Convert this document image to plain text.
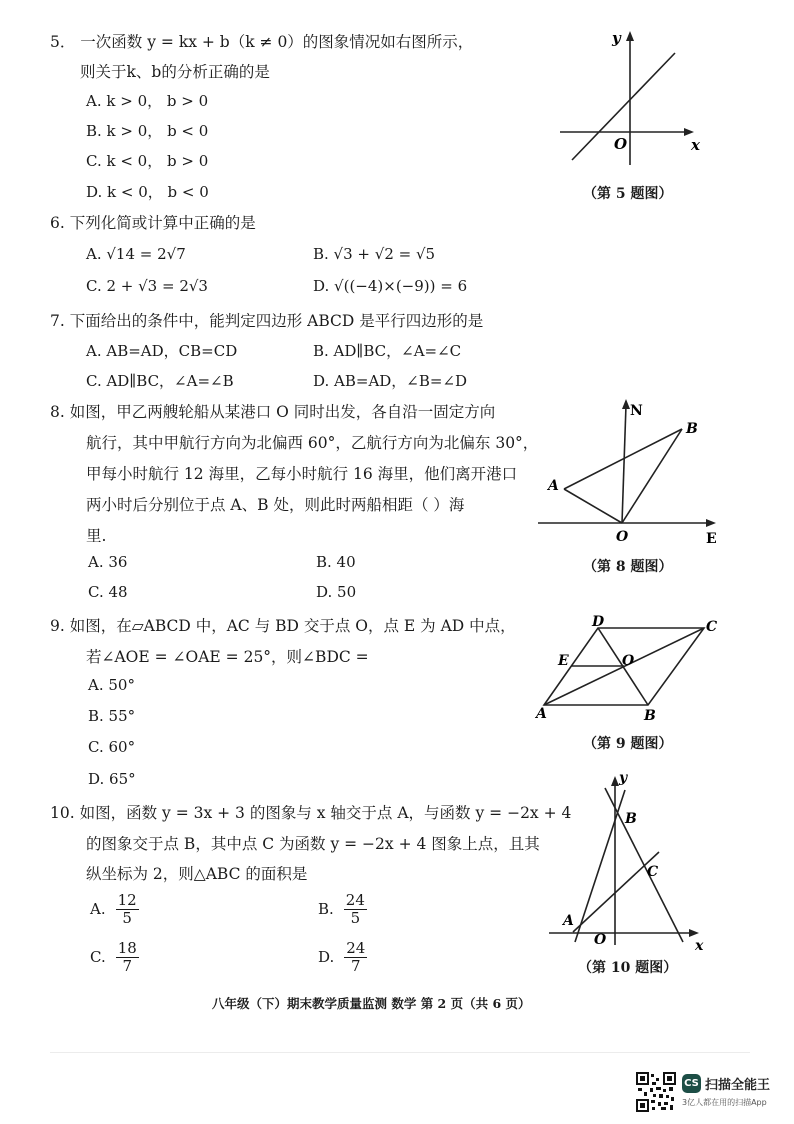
5． 一次函数 y = kx + b（k ≠ 0）的图象情况如右图所示，
则关于k、b的分析正确的是
A. k > 0， b > 0
B. k > 0， b < 0
C. k < 0， b > 0
D. k < 0， b < 0
y
O	x
（第 5 题图）
6. 下列化简或计算中正确的是
A. √14 = 2√7	B. √3 + √2 = √5
C. 2 + √3 = 2√3	D. √((−4)×(−9)) = 6
7. 下面给出的条件中，能判定四边形 ABCD 是平行四边形的是
A. AB=AD，CB=CD	B. AD∥BC，∠A=∠C
C. AD∥BC，∠A=∠B	D. AB=AD，∠B=∠D
8. 如图，甲乙两艘轮船从某港口 O 同时出发，各自沿一固定方向
航行，其中甲航行方向为北偏西 60°，乙航行方向为北偏东 30°，
甲每小时航行 12 海里，乙每小时航行 16 海里，他们离开港口
两小时后分别位于点 A、B 处，则此时两船相距（ ）海
里.
A. 36	B. 40
C. 48	D. 50
N
B
A
O	E
（第 8 题图）
9. 如图，在▱ABCD 中，AC 与 BD 交于点 O，点 E 为 AD 中点，
若∠AOE = ∠OAE = 25°，则∠BDC =
A. 50°
B. 55°
C. 60°
D. 65°
D	C
E	O
A	B
（第 9 题图）
10. 如图，函数 y = 3x + 3 的图象与 x 轴交于点 A，与函数 y = −2x + 4
的图象交于点 B，其中点 C 为函数 y = −2x + 4 图象上点，且其
纵坐标为 2，则△ABC 的面积是
A. $\frac{12}{5}$	B. $\frac{24}{5}$
C. $\frac{18}{7}$	D. $\frac{24}{7}$
y
B
C
A
O	x
（第 10 题图）
八年级（下）期末教学质量监测 数学 第 2 页（共 6 页）
CS 扫描全能王
3亿人都在用的扫描App
